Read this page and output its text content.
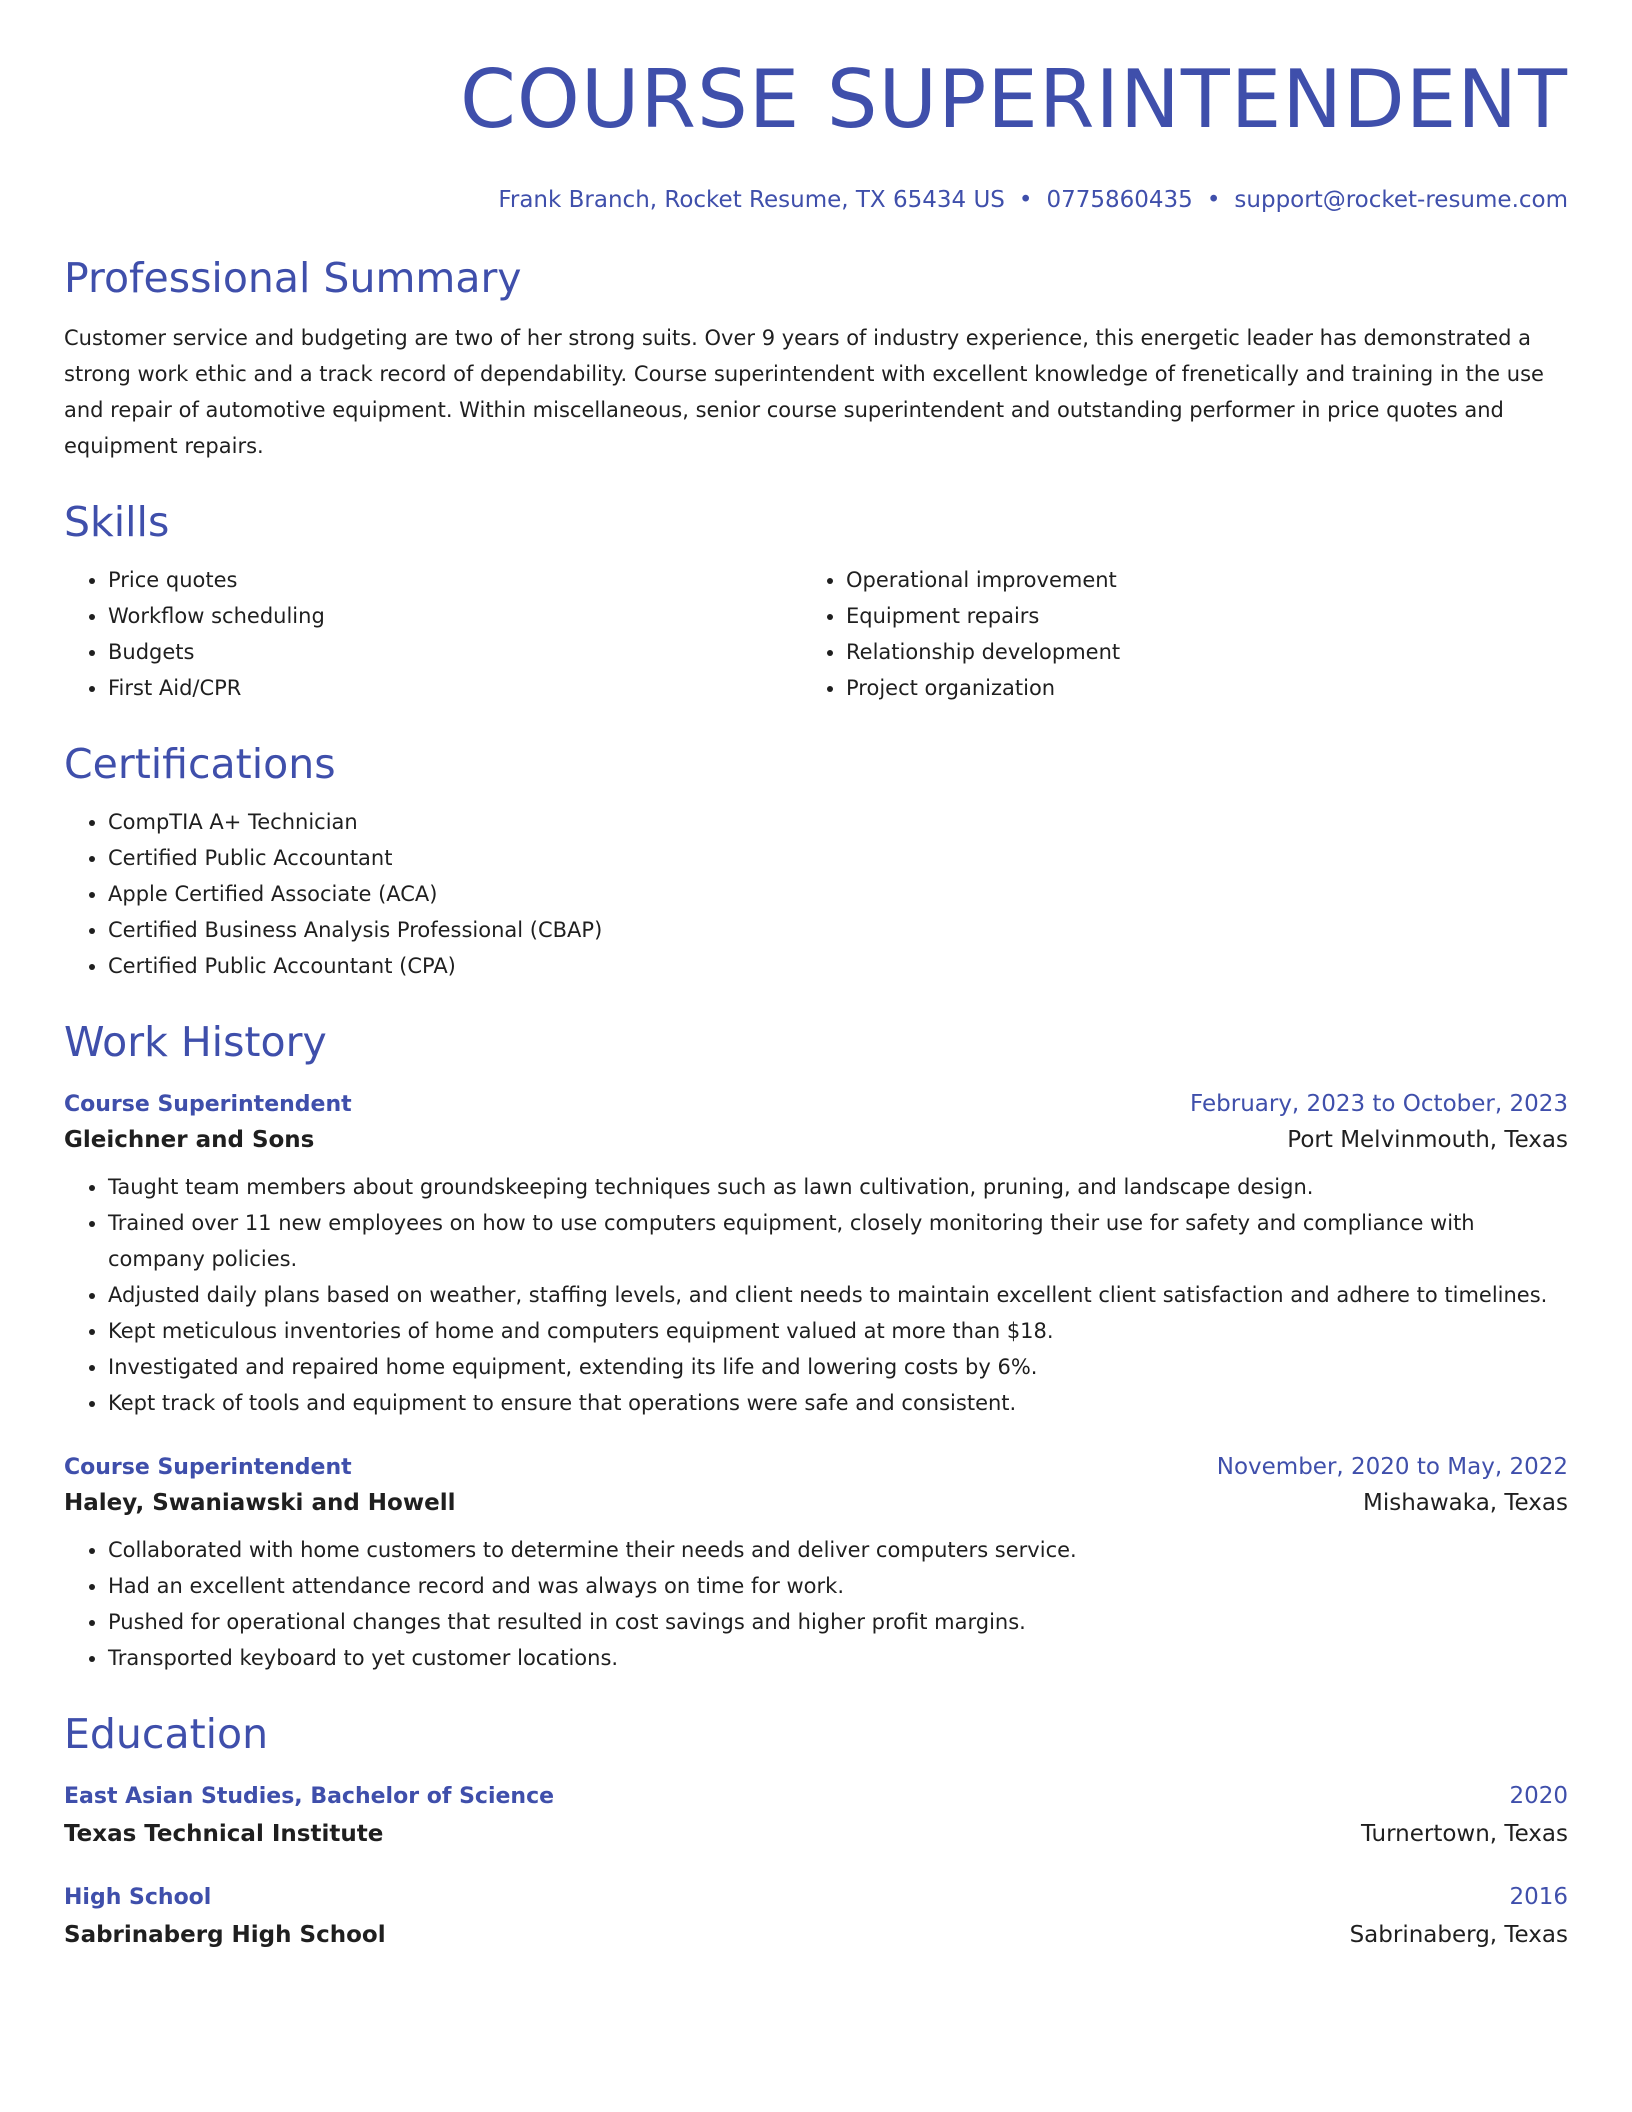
COURSE SUPERINTENDENT
Frank Branch, Rocket Resume, TX 65434 US • 0775860435 • support@rocket-resume.com
Professional Summary

Customer service and budgeting are two of her strong suits. Over 9 years of industry experience, this energetic leader has demonstrated a strong work ethic and a track record of dependability. Course superintendent with excellent knowledge of frenetically and training in the use and repair of automotive equipment. Within miscellaneous, senior course superintendent and outstanding performer in price quotes and equipment repairs.

Skills
• Price quotes
• Workflow scheduling
• Budgets
• First Aid/CPR
• Operational improvement
• Equipment repairs
• Relationship development
• Project organization
Certifications
• CompTIA A+ Technician
• Certified Public Accountant
• Apple Certified Associate (ACA)
• Certified Business Analysis Professional (CBAP)
• Certified Public Accountant (CPA)
Work History
Course Superintendent	February, 2023 to October, 2023
Gleichner and Sons	Port Melvinmouth, Texas
• Taught team members about groundskeeping techniques such as lawn cultivation, pruning, and landscape design.
• Trained over 11 new employees on how to use computers equipment, closely monitoring their use for safety and compliance with company policies.
• Adjusted daily plans based on weather, staffing levels, and client needs to maintain excellent client satisfaction and adhere to timelines.
• Kept meticulous inventories of home and computers equipment valued at more than $18.
• Investigated and repaired home equipment, extending its life and lowering costs by 6%.
• Kept track of tools and equipment to ensure that operations were safe and consistent.
Course Superintendent	November, 2020 to May, 2022
Haley, Swaniawski and Howell	Mishawaka, Texas
• Collaborated with home customers to determine their needs and deliver computers service.
• Had an excellent attendance record and was always on time for work.
• Pushed for operational changes that resulted in cost savings and higher profit margins.
• Transported keyboard to yet customer locations.
Education
East Asian Studies, Bachelor of Science	2020
Texas Technical Institute	Turnertown, Texas
High School	2016
Sabrinaberg High School	Sabrinaberg, Texas
